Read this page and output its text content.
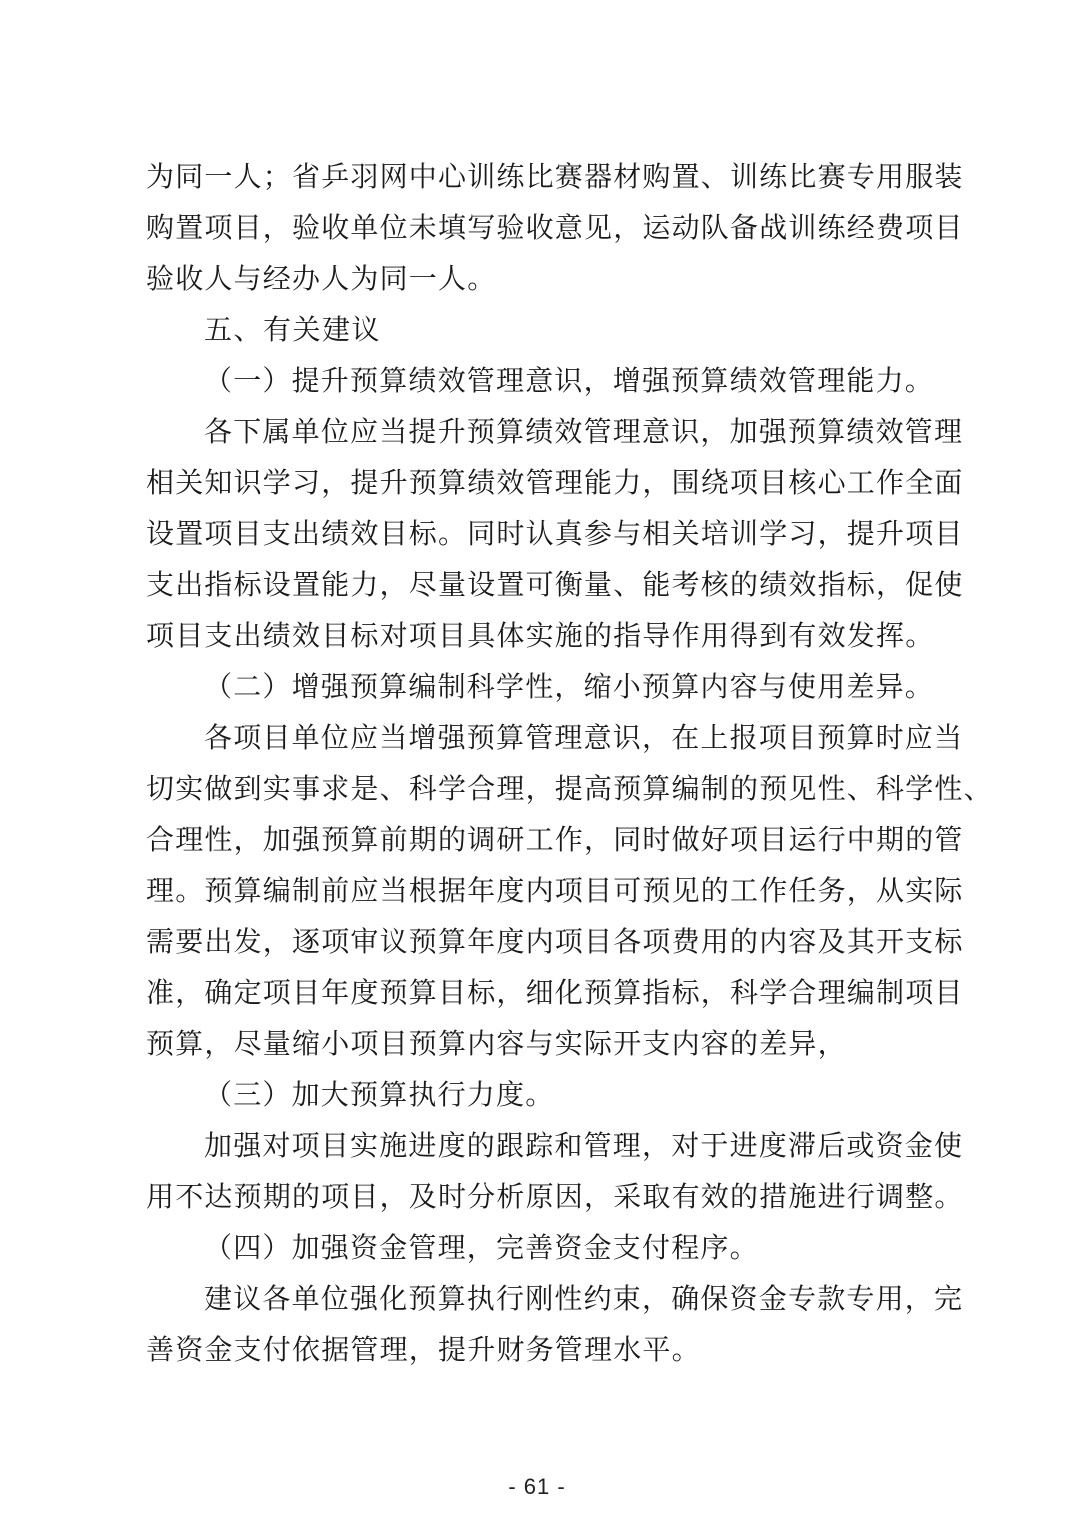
为同一人；省乒羽网中心训练比赛器材购置、训练比赛专用服装
购置项目，验收单位未填写验收意见，运动队备战训练经费项目
验收人与经办人为同一人。
五、有关建议
（一）提升预算绩效管理意识，增强预算绩效管理能力。
各下属单位应当提升预算绩效管理意识，加强预算绩效管理
相关知识学习，提升预算绩效管理能力，围绕项目核心工作全面
设置项目支出绩效目标。同时认真参与相关培训学习，提升项目
支出指标设置能力，尽量设置可衡量、能考核的绩效指标，促使
项目支出绩效目标对项目具体实施的指导作用得到有效发挥。
（二）增强预算编制科学性，缩小预算内容与使用差异。
各项目单位应当增强预算管理意识，在上报项目预算时应当
切实做到实事求是、科学合理，提高预算编制的预见性、科学性、
合理性，加强预算前期的调研工作，同时做好项目运行中期的管
理。预算编制前应当根据年度内项目可预见的工作任务，从实际
需要出发，逐项审议预算年度内项目各项费用的内容及其开支标
准，确定项目年度预算目标，细化预算指标，科学合理编制项目
预算，尽量缩小项目预算内容与实际开支内容的差异，
（三）加大预算执行力度。
加强对项目实施进度的跟踪和管理，对于进度滞后或资金使
用不达预期的项目，及时分析原因，采取有效的措施进行调整。
（四）加强资金管理，完善资金支付程序。
建议各单位强化预算执行刚性约束，确保资金专款专用，完
善资金支付依据管理，提升财务管理水平。
- 61 -
